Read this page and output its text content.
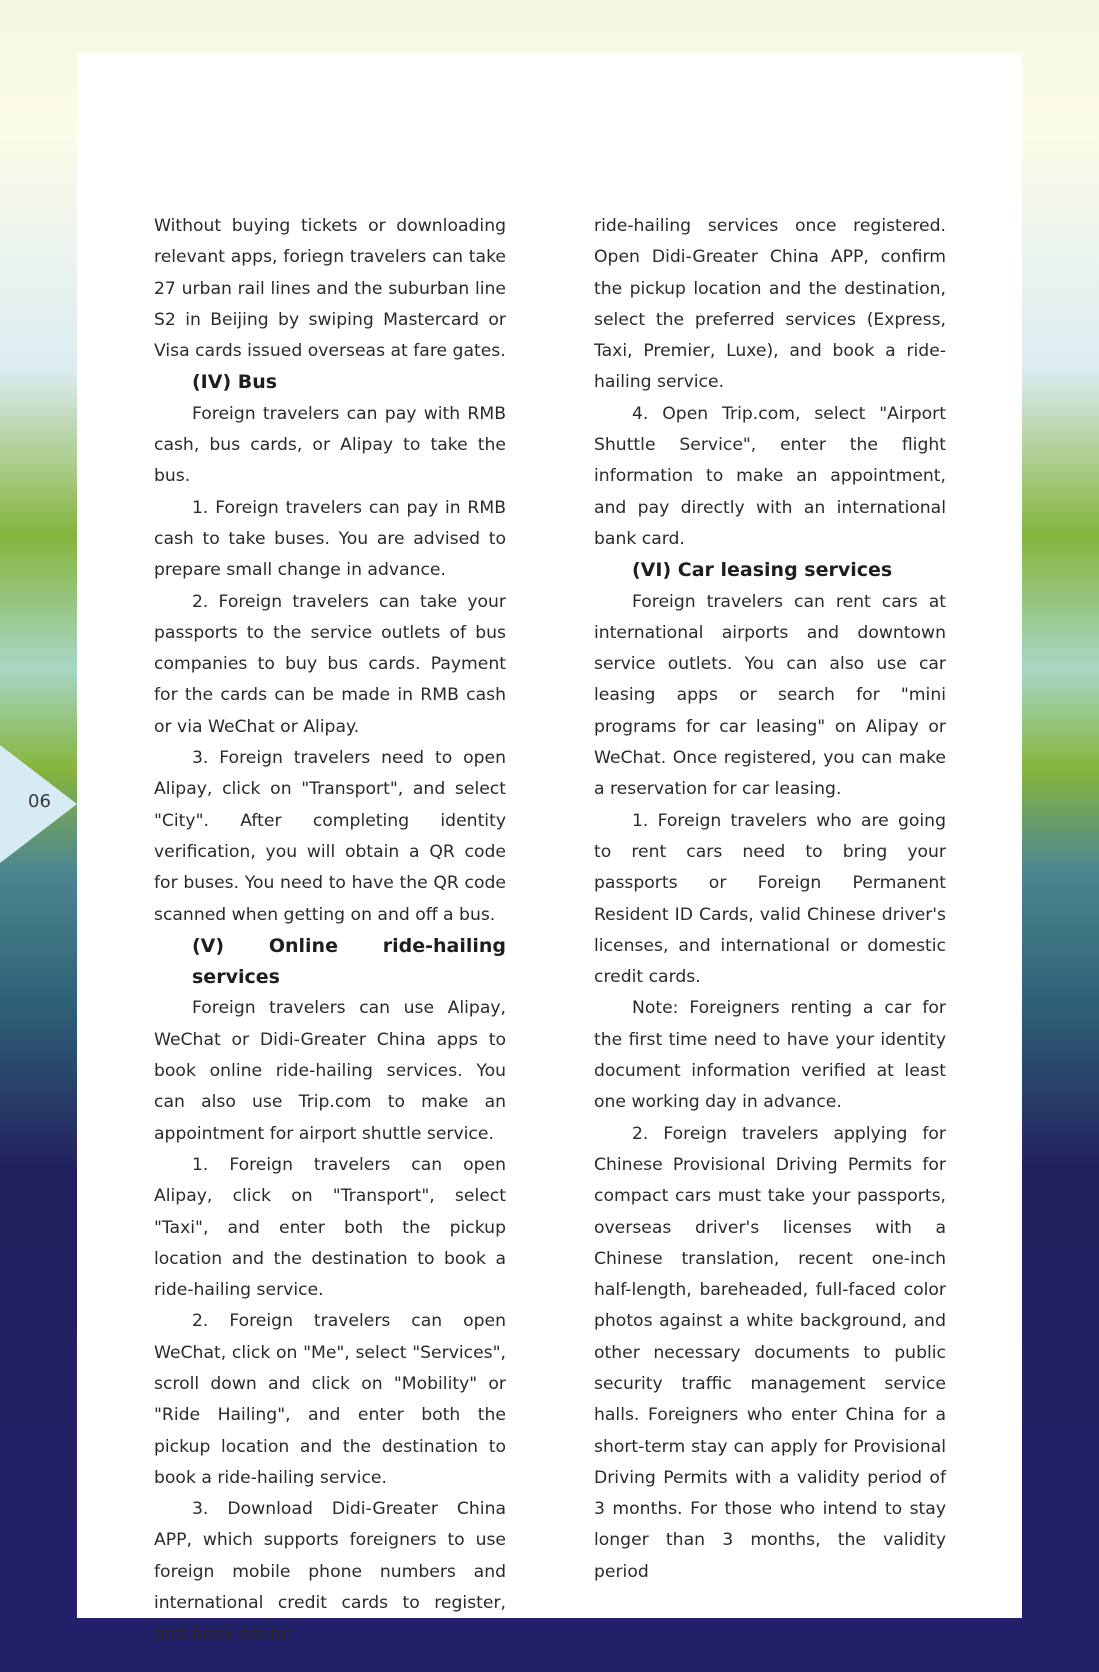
06

Without buying tickets or downloading relevant apps, foriegn travelers can take 27 urban rail lines and the suburban line S2 in Beijing by swiping Mastercard or Visa cards issued overseas at fare gates.

(IV) Bus

Foreign travelers can pay with RMB cash, bus cards, or Alipay to take the bus.

1. Foreign travelers can pay in RMB cash to take buses. You are advised to prepare small change in advance.

2. Foreign travelers can take your passports to the service outlets of bus companies to buy bus cards. Payment for the cards can be made in RMB cash or via WeChat or Alipay.

3. Foreign travelers need to open Alipay, click on "Transport", and select "City". After completing identity verification, you will obtain a QR code for buses. You need to have the QR code scanned when getting on and off a bus.

(V) Online ride-hailing services

Foreign travelers can use Alipay, WeChat or Didi-Greater China apps to book online ride-hailing services. You can also use Trip.com to make an appointment for airport shuttle service.

1. Foreign travelers can open Alipay, click on "Transport", select "Taxi", and enter both the pickup location and the destination to book a ride-hailing service.

2. Foreign travelers can open WeChat, click on "Me", select "Services", scroll down and click on "Mobility" or "Ride Hailing", and enter both the pickup location and the destination to book a ride-hailing service.

3. Download Didi-Greater China APP, which supports foreigners to use foreign mobile phone numbers and international credit cards to register, and book online

ride-hailing services once registered. Open Didi-Greater China APP, confirm the pickup location and the destination, select the preferred services (Express, Taxi, Premier, Luxe), and book a ride-hailing service.

4. Open Trip.com, select "Airport Shuttle Service", enter the flight information to make an appointment, and pay directly with an international bank card.

(VI) Car leasing services

Foreign travelers can rent cars at international airports and downtown service outlets. You can also use car leasing apps or search for "mini programs for car leasing" on Alipay or WeChat. Once registered, you can make a reservation for car leasing.

1. Foreign travelers who are going to rent cars need to bring your passports or Foreign Permanent Resident ID Cards, valid Chinese driver's licenses, and international or domestic credit cards.

Note: Foreigners renting a car for the first time need to have your identity document information verified at least one working day in advance.

2. Foreign travelers applying for Chinese Provisional Driving Permits for compact cars must take your passports, overseas driver's licenses with a Chinese translation, recent one-inch half-length, bareheaded, full-faced color photos against a white background, and other necessary documents to public security traffic management service halls. Foreigners who enter China for a short-term stay can apply for Provisional Driving Permits with a validity period of 3 months. For those who intend to stay longer than 3 months, the validity period
